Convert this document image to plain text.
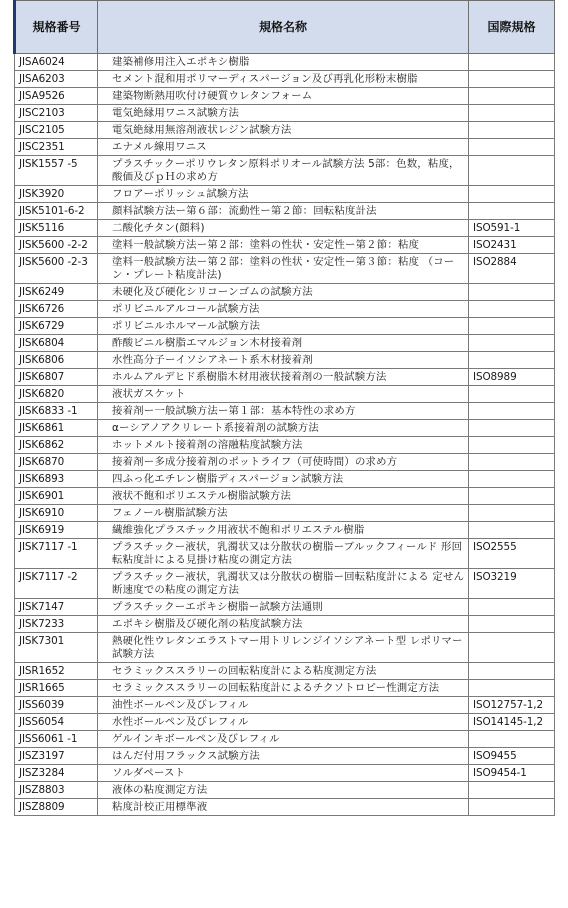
規格番号	規格名称	国際規格
JISA6024	建築補修用注入エポキシ樹脂	
JISA6203	セメント混和用ポリマーディスパージョン及び再乳化形粉末樹脂	
JISA9526	建築物断熱用吹付け硬質ウレタンフォーム	
JISC2103	電気絶縁用ワニス試験方法	
JISC2105	電気絶縁用無溶剤液状レジン試験方法	
JISC2351	エナメル線用ワニス	
JISK1557 -5	プラスチックーポリウレタン原料ポリオール試験方法 5部：色数，粘度，酸価及びｐＨの求め方	
JISK3920	フロアーポリッシュ試験方法	
JISK5101-6-2	顔料試験方法ー第６部：流動性ー第２節：回転粘度計法	
JISK5116	二酸化チタン(顔料)	ISO591-1
JISK5600 -2-2	塗料一般試験方法ー第２部：塗料の性状・安定性ー第２節：粘度	ISO2431
JISK5600 -2-3	塗料一般試験方法ー第２部：塗料の性状・安定性ー第３節：粘度 （コーン・プレート粘度計法)	ISO2884
JISK6249	未硬化及び硬化シリコーンゴムの試験方法	
JISK6726	ポリビニルアルコール試験方法	
JISK6729	ポリビニルホルマール試験方法	
JISK6804	酢酸ビニル樹脂エマルジョン木材接着剤	
JISK6806	水性高分子ーイソシアネート系木材接着剤	
JISK6807	ホルムアルデヒド系樹脂木材用液状接着剤の一般試験方法	ISO8989
JISK6820	液状ガスケット	
JISK6833 -1	接着剤ー一般試験方法ー第１部：基本特性の求め方	
JISK6861	αーシアノアクリレート系接着剤の試験方法	
JISK6862	ホットメルト接着剤の溶融粘度試験方法	
JISK6870	接着剤ー多成分接着剤のポットライフ（可使時間）の求め方	
JISK6893	四ふっ化エチレン樹脂ディスパージョン試験方法	
JISK6901	液状不飽和ポリエステル樹脂試験方法	
JISK6910	フェノール樹脂試験方法	
JISK6919	繊維強化プラスチック用液状不飽和ポリエステル樹脂	
JISK7117 -1	プラスチックー液状，乳濁状又は分散状の樹脂ーブルックフィールド 形回転粘度計による見掛け粘度の測定方法	ISO2555
JISK7117 -2	プラスチックー液状，乳濁状又は分散状の樹脂ー回転粘度計による 定せん断速度での粘度の測定方法	ISO3219
JISK7147	プラスチックーエポキシ樹脂ー試験方法通則	
JISK7233	エポキシ樹脂及び硬化剤の粘度試験方法	
JISK7301	熱硬化性ウレタンエラストマー用トリレンジイソシアネート型 レポリマー試験方法	
JISR1652	セラミックススラリーの回転粘度計による粘度測定方法	
JISR1665	セラミックススラリーの回転粘度計によるチクソトロピー性測定方法	
JISS6039	油性ボールペン及びレフィル	ISO12757-1,2
JISS6054	水性ボールペン及びレフィル	ISO14145-1,2
JISS6061 -1	ゲルインキボールペン及びレフィル	
JISZ3197	はんだ付用フラックス試験方法	ISO9455
JISZ3284	ソルダペースト	ISO9454-1
JISZ8803	液体の粘度測定方法	
JISZ8809	粘度計校正用標準液	
